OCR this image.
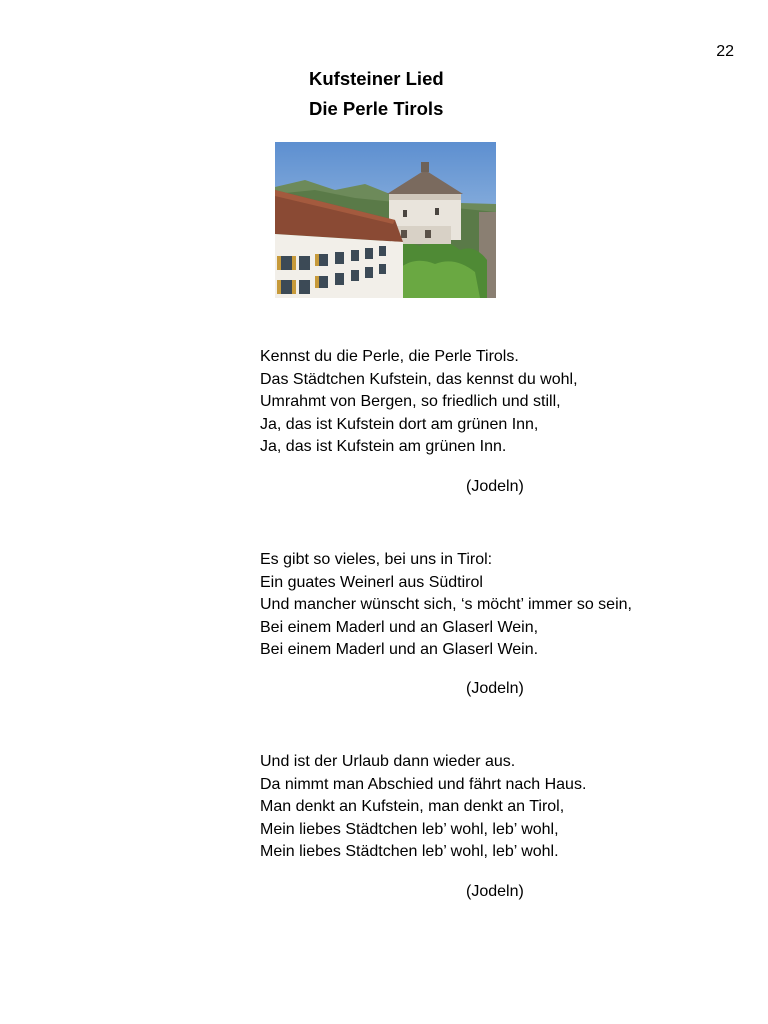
22
Kufsteiner Lied
Die Perle Tirols
Kennst du die Perle, die Perle Tirols.
Das Städtchen Kufstein, das kennst du wohl,
Umrahmt von Bergen, so friedlich und still,
Ja, das ist Kufstein dort am grünen Inn,
Ja, das ist Kufstein am grünen Inn.
(Jodeln)
Es gibt so vieles, bei uns in Tirol:
Ein guates Weinerl aus Südtirol
Und mancher wünscht sich, ‘s möcht’ immer so sein,
Bei einem Maderl und an Glaserl Wein,
Bei einem Maderl und an Glaserl Wein.
(Jodeln)
Und ist der Urlaub dann wieder aus.
Da nimmt man Abschied und fährt nach Haus.
Man denkt an Kufstein, man denkt an Tirol,
Mein liebes Städtchen leb’ wohl, leb’ wohl,
Mein liebes Städtchen leb’ wohl, leb’ wohl.
(Jodeln)
